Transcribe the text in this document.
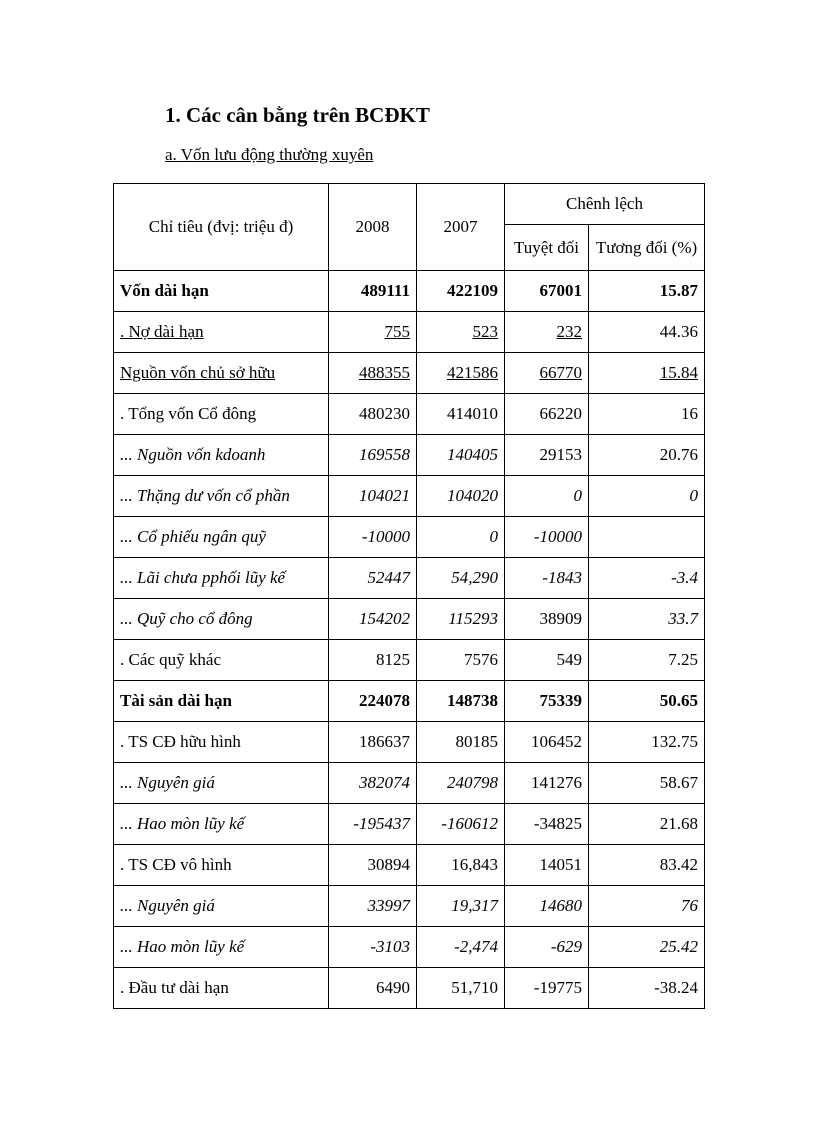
1. Các cân bằng trên BCĐKT
a. Vốn lưu động thường xuyên
Chỉ tiêu (đvị: triệu đ)	2008	2007	Chênh lệch	
			Tuyệt đối	Tương đối (%)
Vốn dài hạn	489111	422109	67001	15.87
. Nợ dài hạn	755	523	232	44.36
Nguồn vốn chủ sở hữu	488355	421586	66770	15.84
. Tổng vốn Cổ đông	480230	414010	66220	16
... Nguồn vốn kdoanh	169558	140405	29153	20.76
... Thặng dư vốn cổ phần	104021	104020	0	0
... Cổ phiếu ngân quỹ	-10000	0	-10000	
... Lãi chưa pphối lũy kế	52447	54,290	-1843	-3.4
... Quỹ cho cổ đông	154202	115293	38909	33.7
. Các quỹ khác	8125	7576	549	7.25
Tài sản dài hạn	224078	148738	75339	50.65
. TS CĐ hữu hình	186637	80185	106452	132.75
... Nguyên giá	382074	240798	141276	58.67
... Hao mòn lũy kế	-195437	-160612	-34825	21.68
. TS CĐ vô hình	30894	16,843	14051	83.42
... Nguyên giá	33997	19,317	14680	76
... Hao mòn lũy kế	-3103	-2,474	-629	25.42
. Đầu tư dài hạn	6490	51,710	-19775	-38.24
